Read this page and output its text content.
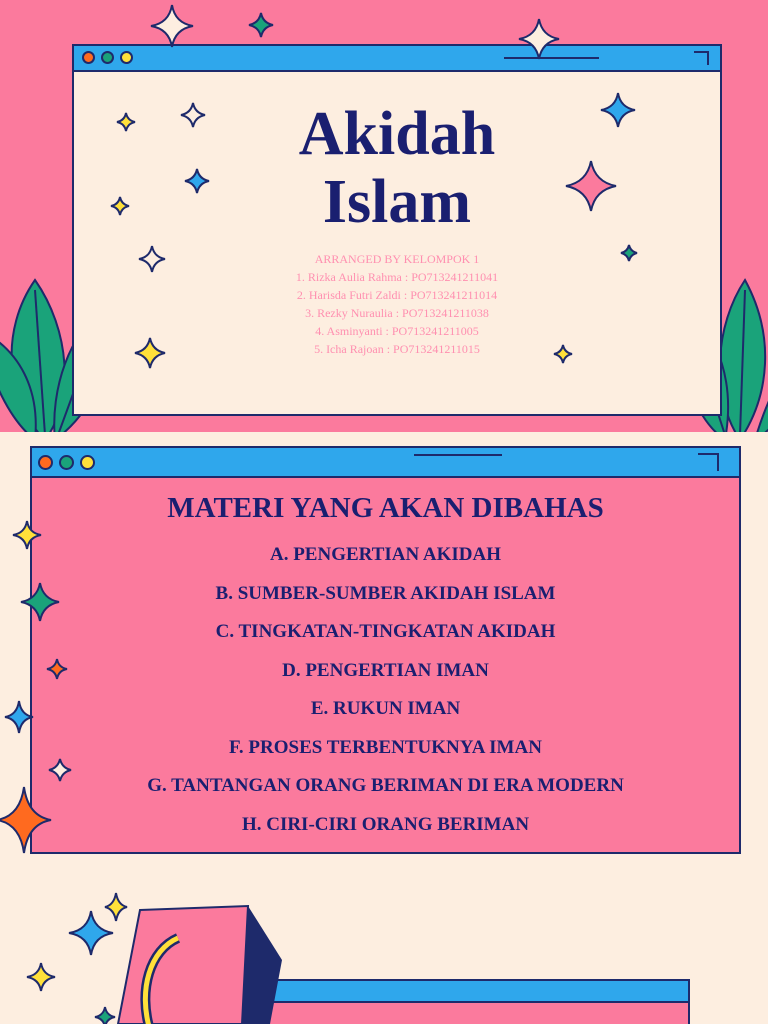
Akidah
Islam
ARRANGED BY KELOMPOK 1
1. Rizka Aulia Rahma : PO713241211041
2. Harisda Futri Zaldi : PO713241211014
3. Rezky Nuraulia : PO713241211038
4. Asminyanti : PO713241211005
5. Icha Rajoan : PO713241211015
MATERI YANG AKAN DIBAHAS
A. PENGERTIAN AKIDAH
B. SUMBER-SUMBER AKIDAH ISLAM
C. TINGKATAN-TINGKATAN AKIDAH
D. PENGERTIAN IMAN
E. RUKUN IMAN
F. PROSES TERBENTUKNYA IMAN
G. TANTANGAN ORANG BERIMAN DI ERA MODERN
H. CIRI-CIRI ORANG BERIMAN
